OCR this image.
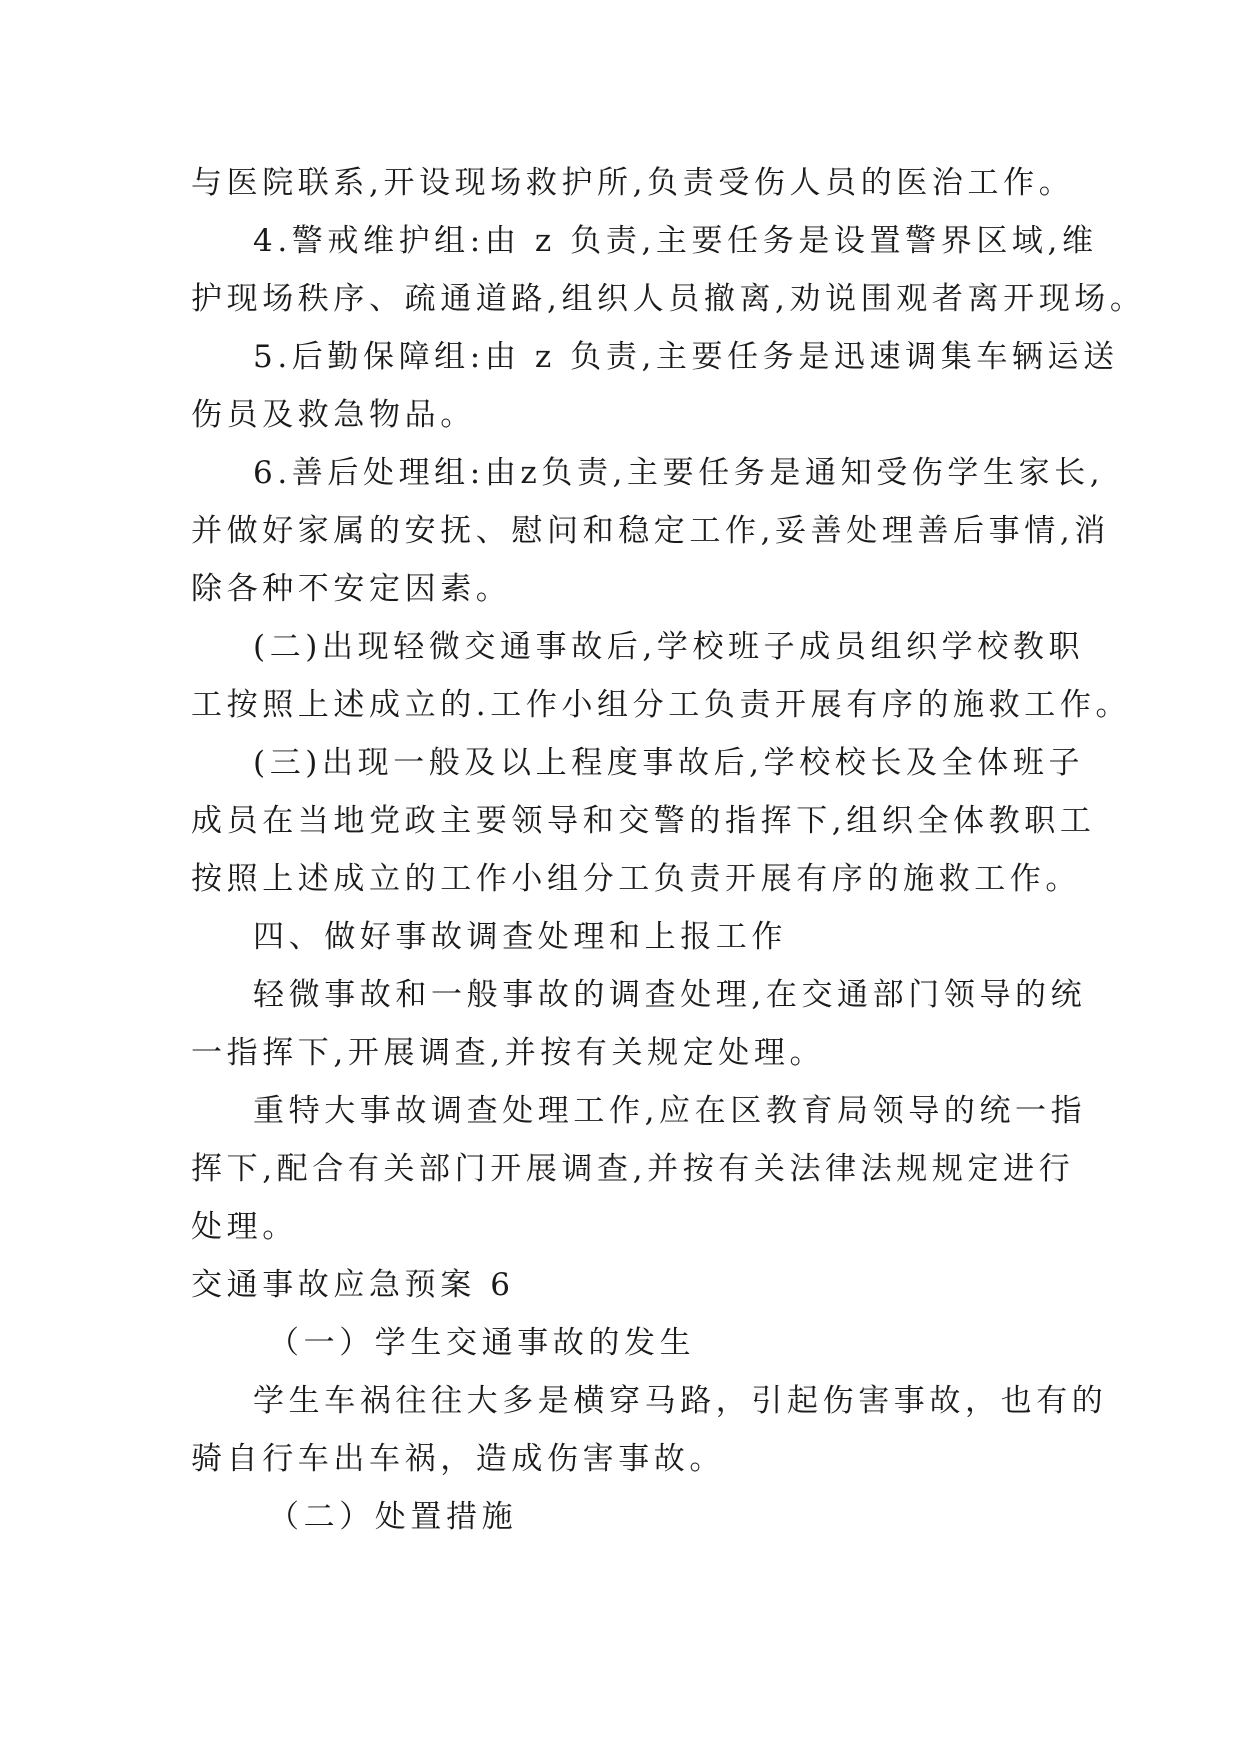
与医院联系,开设现场救护所,负责受伤人员的医治工作。
4.警戒维护组:由 z 负责,主要任务是设置警界区域,维
护现场秩序、疏通道路,组织人员撤离,劝说围观者离开现场。
5.后勤保障组:由 z 负责,主要任务是迅速调集车辆运送
伤员及救急物品。
6.善后处理组:由z负责,主要任务是通知受伤学生家长,
并做好家属的安抚、慰问和稳定工作,妥善处理善后事情,消
除各种不安定因素。
(二)出现轻微交通事故后,学校班子成员组织学校教职
工按照上述成立的.工作小组分工负责开展有序的施救工作。
(三)出现一般及以上程度事故后,学校校长及全体班子
成员在当地党政主要领导和交警的指挥下,组织全体教职工
按照上述成立的工作小组分工负责开展有序的施救工作。
四、做好事故调查处理和上报工作
轻微事故和一般事故的调查处理,在交通部门领导的统
一指挥下,开展调查,并按有关规定处理。
重特大事故调查处理工作,应在区教育局领导的统一指
挥下,配合有关部门开展调查,并按有关法律法规规定进行
处理。
交通事故应急预案 6
（一）学生交通事故的发生
学生车祸往往大多是横穿马路，引起伤害事故，也有的
骑自行车出车祸，造成伤害事故。
（二）处置措施
